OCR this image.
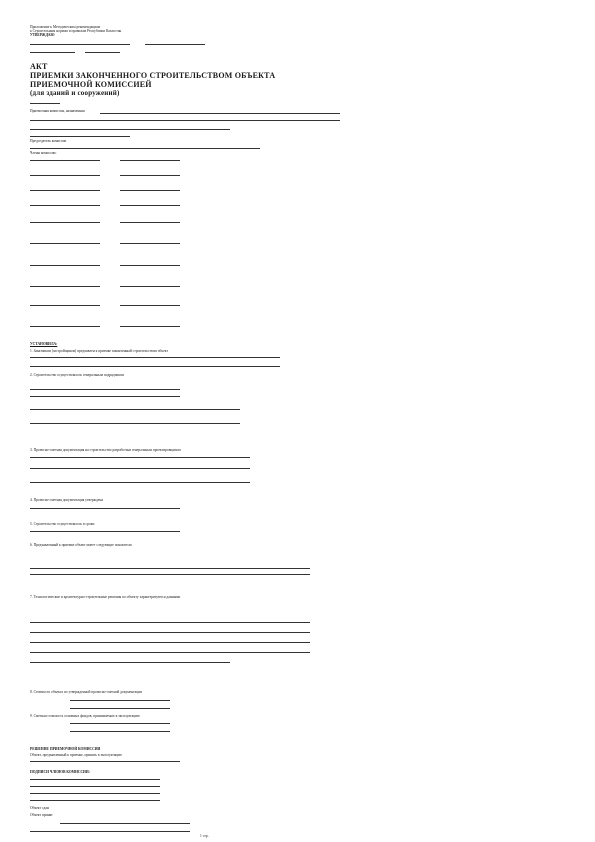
Приложение к Методическим рекомендациям
к Строительным нормам и правилам Республики Казахстан
УТВЕРЖДАЮ
АКТ
ПРИЕМКИ ЗАКОНЧЕННОГО СТРОИТЕЛЬСТВОМ ОБЪЕКТА
ПРИЕМОЧНОЙ КОМИССИЕЙ
(для зданий и сооружений)
Приемочная комиссия, назначенная
Председатель комиссии
Члены комиссии:
УСТАНОВИЛА:
1. Заказчиком (застройщиком) предъявлен к приемке законченный строительством объект
2. Строительство осуществлялось генеральным подрядчиком
3. Проектно-сметная документация на строительство разработана генеральным проектировщиком
4. Проектно-сметная документация утверждена
5. Строительство осуществлялось в сроки
6. Предъявленный к приемке объект имеет следующие показатели
7. Технологические и архитектурно-строительные решения по объекту характеризуются данными
8. Стоимость объекта по утвержденной проектно-сметной документации
9. Сметная стоимость основных фондов, принимаемых в эксплуатацию
РЕШЕНИЕ ПРИЕМОЧНОЙ КОМИССИИ
Объект, предъявленный к приемке, принять в эксплуатацию
ПОДПИСИ ЧЛЕНОВ КОМИССИИ:
Объект сдан
Объект принят
1 стр.
